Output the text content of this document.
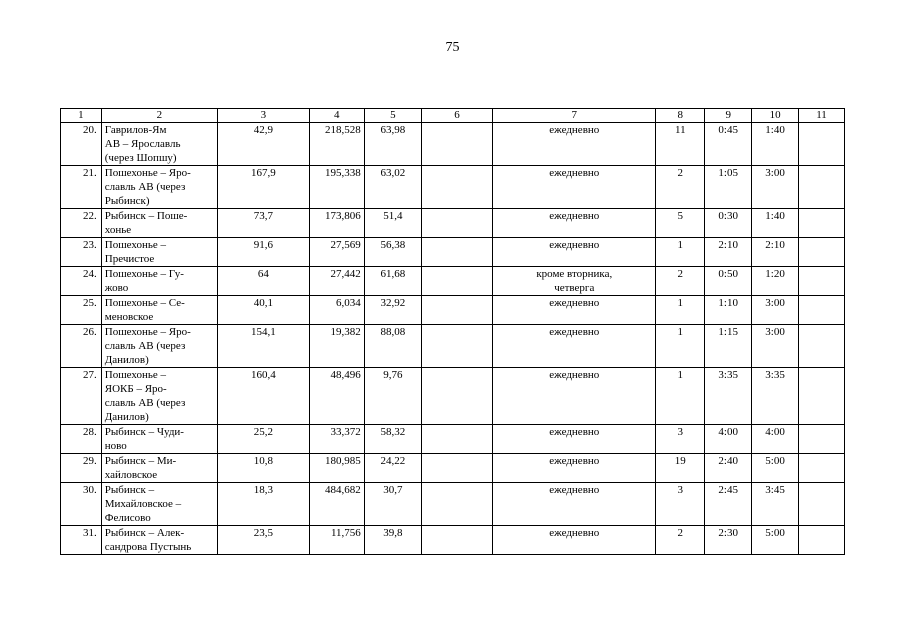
75
1	2	3	4	5	6	7	8	9	10	11
20.	Гаврилов-Ям
АВ – Ярославль
(через Шопшу)	42,9	218,528	63,98		ежедневно	11	0:45	1:40	
21.	Пошехонье – Яро-
славль АВ (через
Рыбинск)	167,9	195,338	63,02		ежедневно	2	1:05	3:00	
22.	Рыбинск – Поше-
хонье	73,7	173,806	51,4		ежедневно	5	0:30	1:40	
23.	Пошехонье –
Пречистое	91,6	27,569	56,38		ежедневно	1	2:10	2:10	
24.	Пошехонье – Гу-
жово	64	27,442	61,68		кроме вторника,
четверга	2	0:50	1:20	
25.	Пошехонье – Се-
меновское	40,1	6,034	32,92		ежедневно	1	1:10	3:00	
26.	Пошехонье – Яро-
славль АВ (через
Данилов)	154,1	19,382	88,08		ежедневно	1	1:15	3:00	
27.	Пошехонье –
ЯОКБ – Яро-
славль АВ (через
Данилов)	160,4	48,496	9,76		ежедневно	1	3:35	3:35	
28.	Рыбинск – Чуди-
ново	25,2	33,372	58,32		ежедневно	3	4:00	4:00	
29.	Рыбинск – Ми-
хайловское	10,8	180,985	24,22		ежедневно	19	2:40	5:00	
30.	Рыбинск –
Михайловское –
Фелисово	18,3	484,682	30,7		ежедневно	3	2:45	3:45	
31.	Рыбинск – Алек-
сандрова Пустынь	23,5	11,756	39,8		ежедневно	2	2:30	5:00	
